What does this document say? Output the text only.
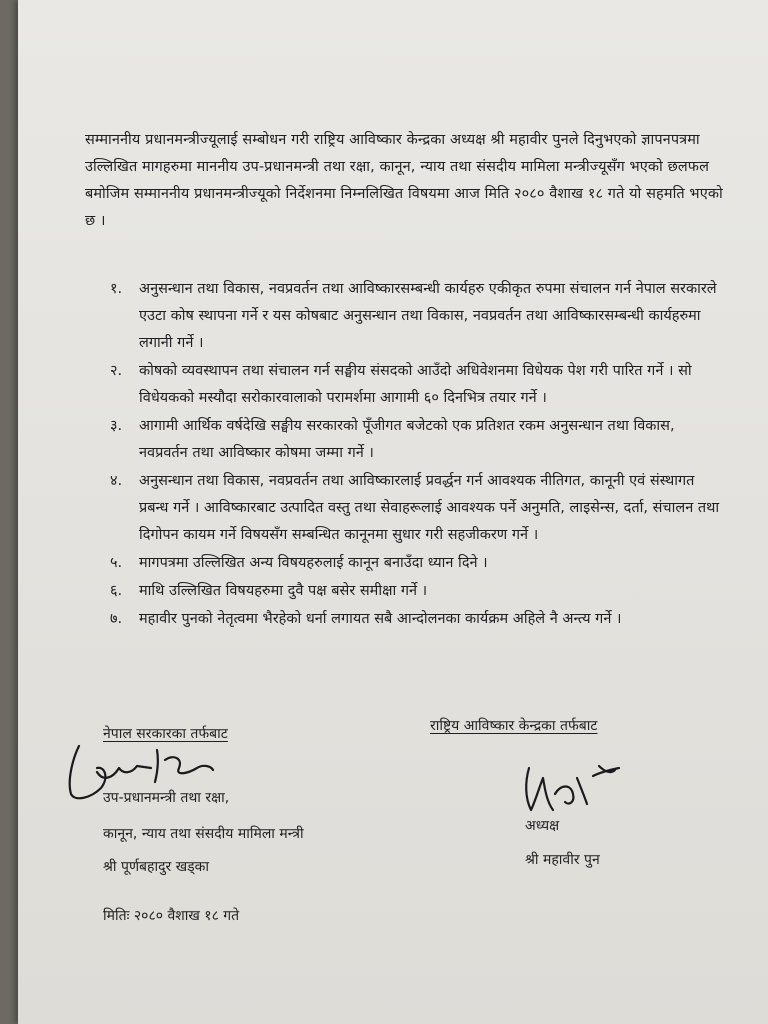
सम्माननीय प्रधानमन्त्रीज्यूलाई सम्बोधन गरी राष्ट्रिय आविष्कार केन्द्रका अध्यक्ष श्री महावीर पुनले दिनुभएको ज्ञापनपत्रमा उल्लिखित मागहरुमा माननीय उप-प्रधानमन्त्री तथा रक्षा, कानून, न्याय तथा संसदीय मामिला मन्त्रीज्यूसँग भएको छलफल बमोजिम सम्माननीय प्रधानमन्त्रीज्यूको निर्देशनमा निम्नलिखित विषयमा आज मिति २०८० वैशाख १८ गते यो सहमति भएको छ ।

१. अनुसन्धान तथा विकास, नवप्रवर्तन तथा आविष्कारसम्बन्धी कार्यहरु एकीकृत रुपमा संचालन गर्न नेपाल सरकारले एउटा कोष स्थापना गर्ने र यस कोषबाट अनुसन्धान तथा विकास, नवप्रवर्तन तथा आविष्कारसम्बन्धी कार्यहरुमा लगानी गर्ने ।
२. कोषको व्यवस्थापन तथा संचालन गर्न सङ्घीय संसदको आउँदो अधिवेशनमा विधेयक पेश गरी पारित गर्ने । सो विधेयकको मस्यौदा सरोकारवालाको परामर्शमा आगामी ६० दिनभित्र तयार गर्ने ।
३. आगामी आर्थिक वर्षदेखि सङ्घीय सरकारको पूँजीगत बजेटको एक प्रतिशत रकम अनुसन्धान तथा विकास, नवप्रवर्तन तथा आविष्कार कोषमा जम्मा गर्ने ।
४. अनुसन्धान तथा विकास, नवप्रवर्तन तथा आविष्कारलाई प्रवर्द्धन गर्न आवश्यक नीतिगत, कानूनी एवं संस्थागत प्रबन्ध गर्ने । आविष्कारबाट उत्पादित वस्तु तथा सेवाहरूलाई आवश्यक पर्ने अनुमति, लाइसेन्स, दर्ता, संचालन तथा दिगोपन कायम गर्ने विषयसँग सम्बन्धित कानूनमा सुधार गरी सहजीकरण गर्ने ।
५. मागपत्रमा उल्लिखित अन्य विषयहरुलाई कानून बनाउँदा ध्यान दिने ।
६. माथि उल्लिखित विषयहरुमा दुवै पक्ष बसेर समीक्षा गर्ने ।
७. महावीर पुनको नेतृत्वमा भैरहेको धर्ना लगायत सबै आन्दोलनका कार्यक्रम अहिले नै अन्त्य गर्ने ।
नेपाल सरकारका तर्फबाट
उप-प्रधानमन्त्री तथा रक्षा,
कानून, न्याय तथा संसदीय मामिला मन्त्री
श्री पूर्णबहादुर खड्का
मितिः २०८० वैशाख १८ गते
राष्ट्रिय आविष्कार केन्द्रका तर्फबाट
अध्यक्ष
श्री महावीर पुन
